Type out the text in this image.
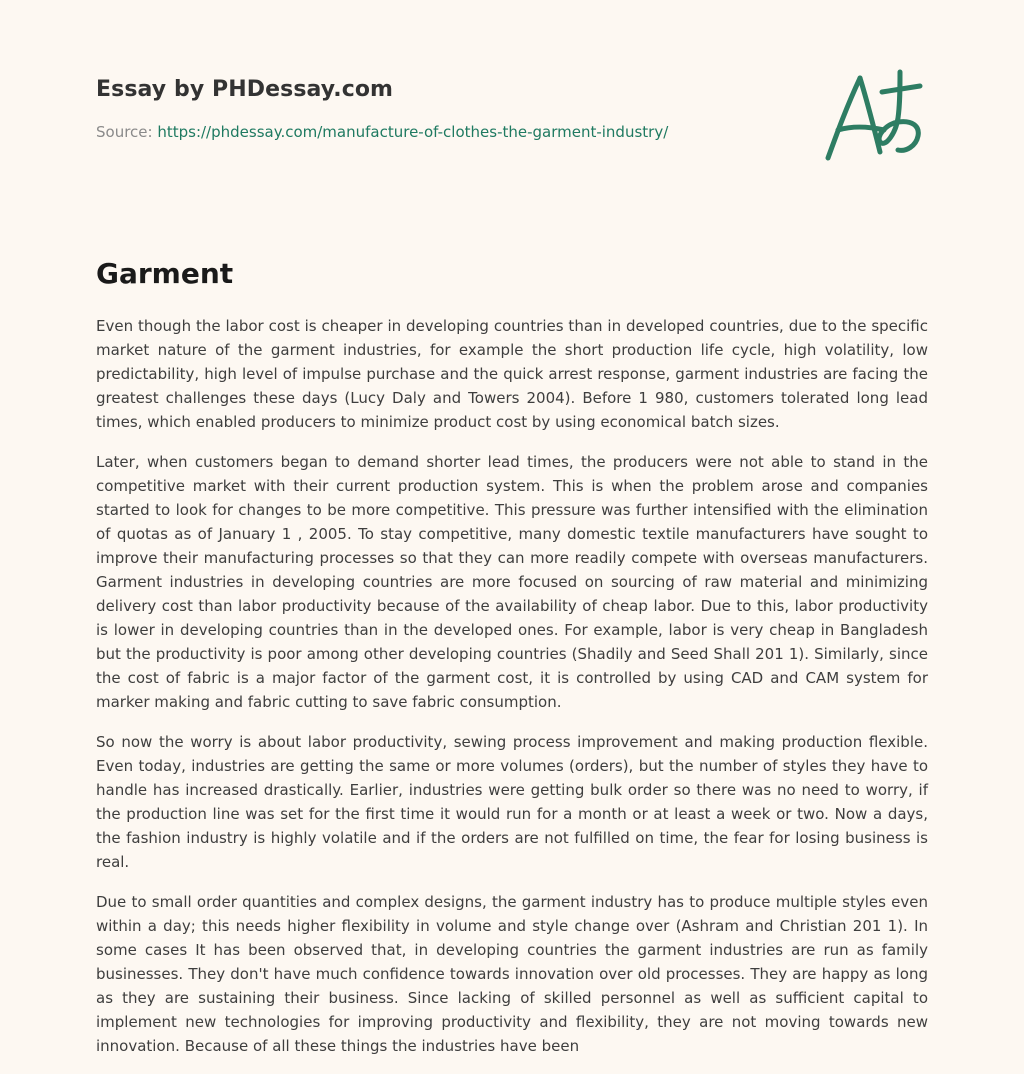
Essay by PHDessay.com
Source: https://phdessay.com/manufacture-of-clothes-the-garment-industry/
Garment

Even though the labor cost is cheaper in developing countries than in developed countries, due to the specific market nature of the garment industries, for example the short production life cycle, high volatility, low predictability, high level of impulse purchase and the quick arrest response, garment industries are facing the greatest challenges these days (Lucy Daly and Towers 2004). Before 1 980, customers tolerated long lead times, which enabled producers to minimize product cost by using economical batch sizes.

Later, when customers began to demand shorter lead times, the producers were not able to stand in the competitive market with their current production system. This is when the problem arose and companies started to look for changes to be more competitive. This pressure was further intensified with the elimination of quotas as of January 1 , 2005. To stay competitive, many domestic textile manufacturers have sought to improve their manufacturing processes so that they can more readily compete with overseas manufacturers. Garment industries in developing countries are more focused on sourcing of raw material and minimizing delivery cost than labor productivity because of the availability of cheap labor. Due to this, labor productivity is lower in developing countries than in the developed ones. For example, labor is very cheap in Bangladesh but the productivity is poor among other developing countries (Shadily and Seed Shall 201 1). Similarly, since the cost of fabric is a major factor of the garment cost, it is controlled by using CAD and CAM system for marker making and fabric cutting to save fabric consumption.

So now the worry is about labor productivity, sewing process improvement and making production flexible. Even today, industries are getting the same or more volumes (orders), but the number of styles they have to handle has increased drastically. Earlier, industries were getting bulk order so there was no need to worry, if the production line was set for the first time it would run for a month or at least a week or two. Now a days, the fashion industry is highly volatile and if the orders are not fulfilled on time, the fear for losing business is real.

Due to small order quantities and complex designs, the garment industry has to produce multiple styles even within a day; this needs higher flexibility in volume and style change over (Ashram and Christian 201 1). In some cases It has been observed that, in developing countries the garment industries are run as family businesses. They don't have much confidence towards innovation over old processes. They are happy as long as they are sustaining their business. Since lacking of skilled personnel as well as sufficient capital to implement new technologies for improving productivity and flexibility, they are not moving towards new innovation. Because of all these things the industries have been
